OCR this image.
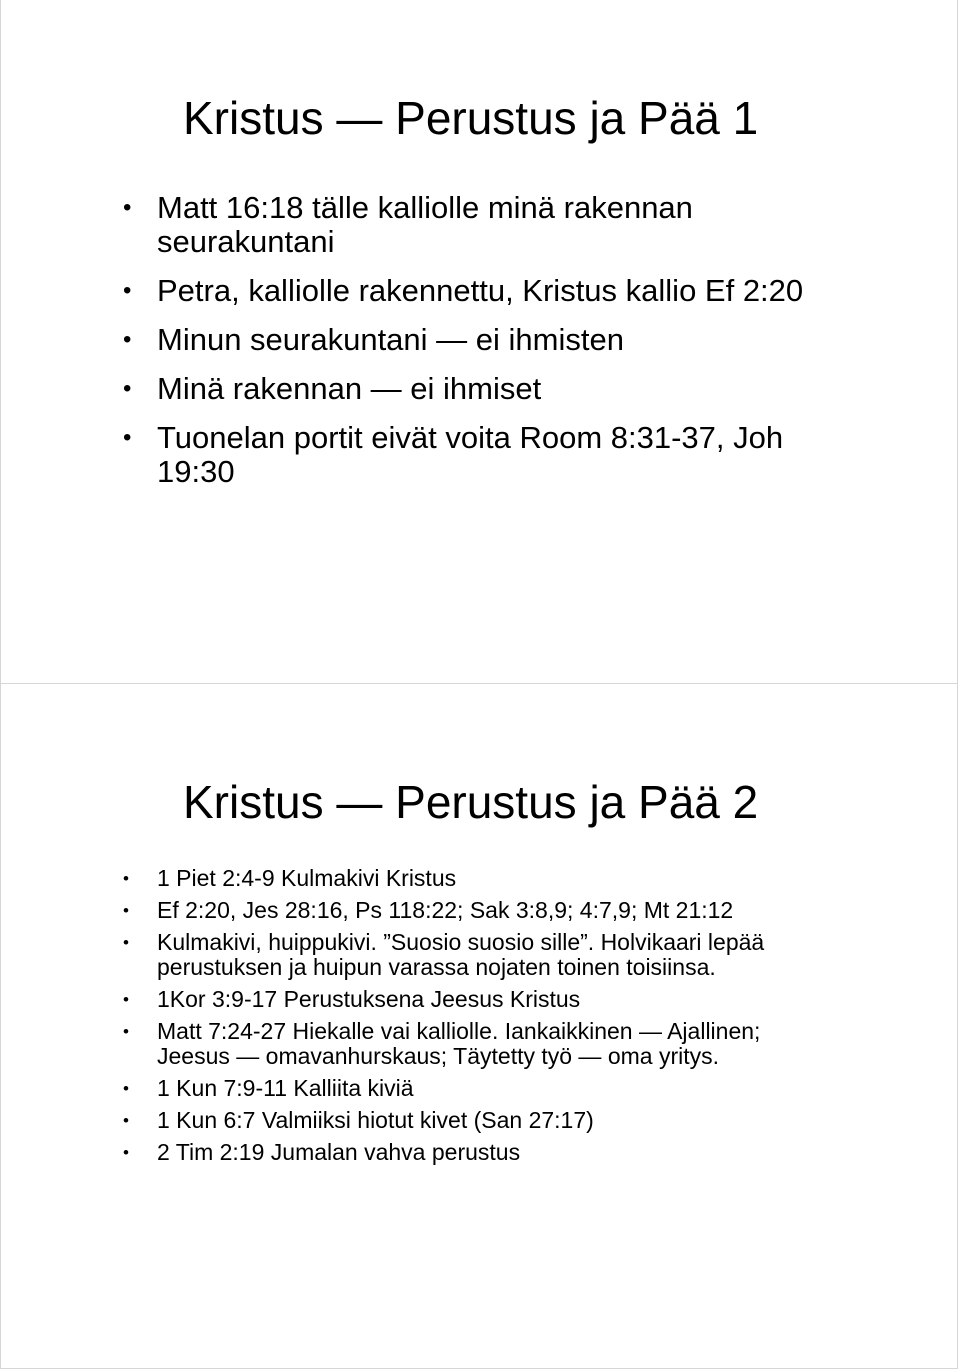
Kristus — Perustus ja Pää 1
• Matt 16:18 tälle kalliolle minä rakennan seurakuntani
• Petra, kalliolle rakennettu, Kristus kallio Ef 2:20
• Minun seurakuntani — ei ihmisten
• Minä rakennan — ei ihmiset
• Tuonelan portit eivät voita Room 8:31-37, Joh 19:30
Kristus — Perustus ja Pää 2
• 1 Piet 2:4-9 Kulmakivi Kristus
• Ef 2:20, Jes 28:16, Ps 118:22; Sak 3:8,9; 4:7,9; Mt 21:12
• Kulmakivi, huippukivi. ”Suosio suosio sille”. Holvikaari lepää perustuksen ja huipun varassa nojaten toinen toisiinsa.
• 1Kor 3:9-17 Perustuksena Jeesus Kristus
• Matt 7:24-27 Hiekalle vai kalliolle. Iankaikkinen — Ajallinen; Jeesus — omavanhurskaus; Täytetty työ — oma yritys.
• 1 Kun 7:9-11 Kalliita kiviä
• 1 Kun 6:7 Valmiiksi hiotut kivet (San 27:17)
• 2 Tim 2:19 Jumalan vahva perustus
